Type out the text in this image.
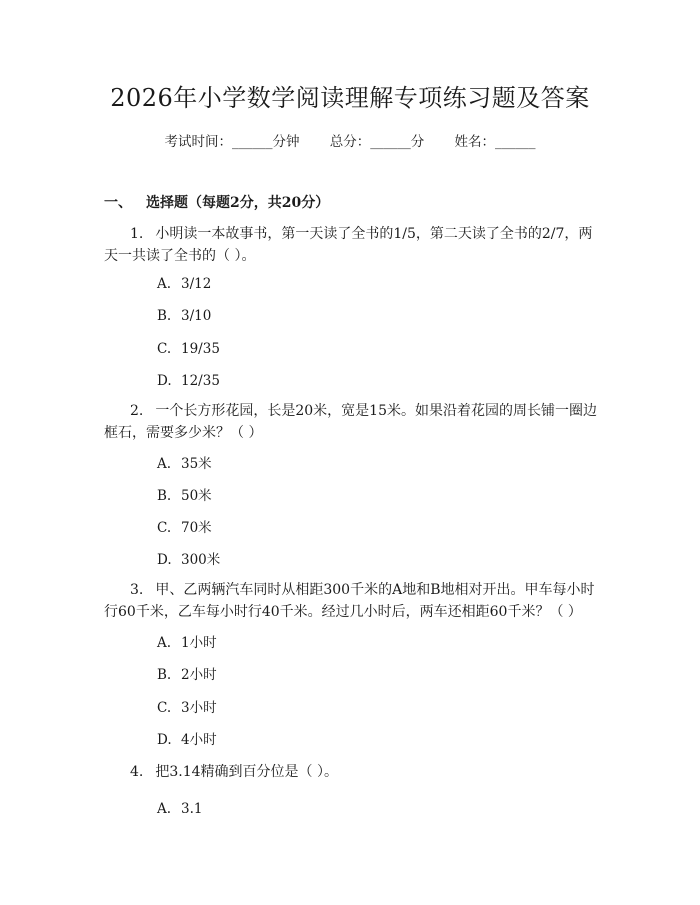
2026年小学数学阅读理解专项练习题及答案
考试时间：______分钟 总分：______分 姓名：______
一、 选择题（每题2分，共20分）
1. 小明读一本故事书，第一天读了全书的1/5，第二天读了全书的2/7，两天一共读了全书的（ ）。
A. 3/12
B. 3/10
C. 19/35
D. 12/35
2. 一个长方形花园，长是20米，宽是15米。如果沿着花园的周长铺一圈边框石，需要多少米？（ ）
A. 35米
B. 50米
C. 70米
D. 300米
3. 甲、乙两辆汽车同时从相距300千米的A地和B地相对开出。甲车每小时行60千米，乙车每小时行40千米。经过几小时后，两车还相距60千米？（ ）
A. 1小时
B. 2小时
C. 3小时
D. 4小时
4. 把3.14精确到百分位是（ ）。
A. 3.1
